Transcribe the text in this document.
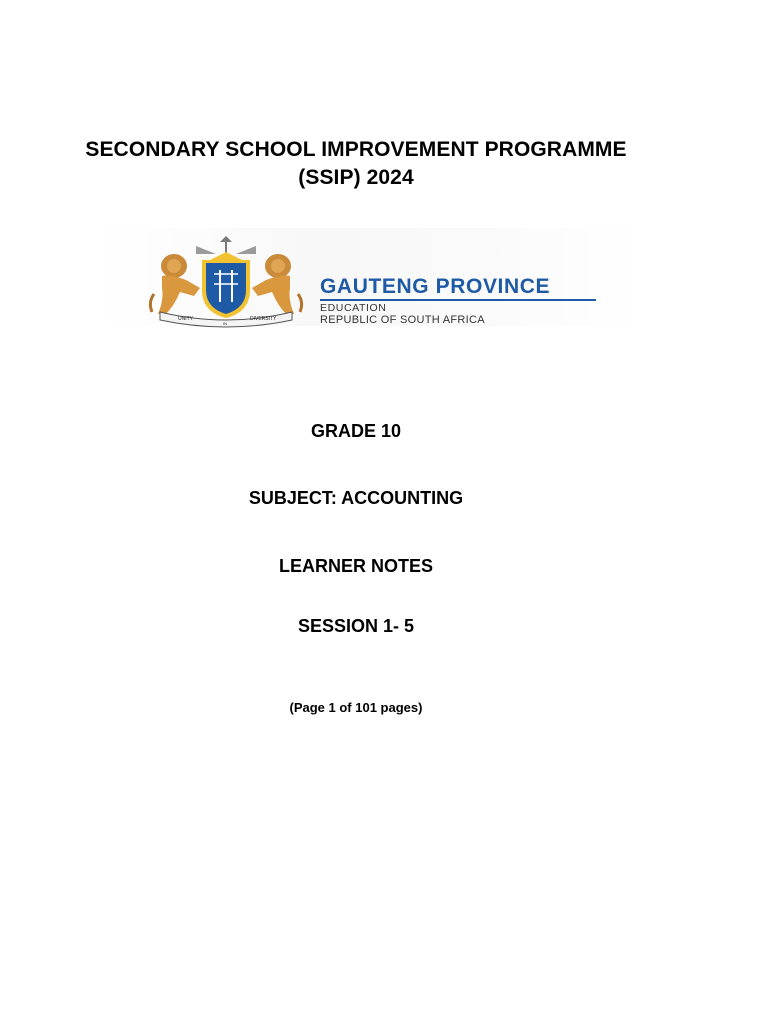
SECONDARY SCHOOL IMPROVEMENT PROGRAMME
(SSIP) 2024
UNITY
IN
DIVERSITY
GAUTENG PROVINCE
EDUCATION
REPUBLIC OF SOUTH AFRICA
GRADE 10
SUBJECT: ACCOUNTING
LEARNER NOTES
SESSION 1- 5
(Page 1 of 101 pages)
